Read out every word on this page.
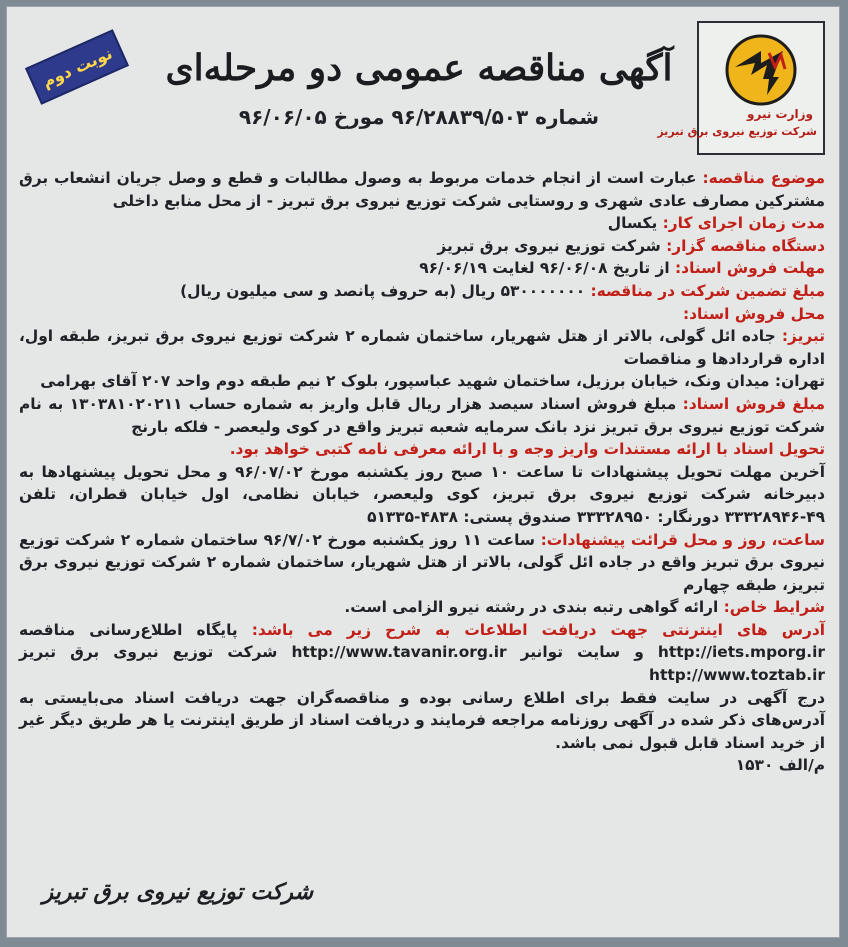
وزارت نیرو
شرکت توزیع نیروی برق تبریز
نوبت دوم	آگهی مناقصه عمومی دو مرحله‌ای
شماره ۹۶/۲۸۸۳۹/۵۰۳ مورخ ۹۶/۰۶/۰۵

موضوع مناقصه: عبارت است از انجام خدمات مربوط به وصول مطالبات و قطع و وصل جریان انشعاب برق مشترکین مصارف عادی شهری و روستایی شرکت توزیع نیروی برق تبریز - از محل منابع داخلی

مدت زمان اجرای کار: یکسال

دستگاه مناقصه گزار: شرکت توزیع نیروی برق تبریز

مهلت فروش اسناد: از تاریخ ۹۶/۰۶/۰۸ لغایت ۹۶/۰۶/۱۹

مبلغ تضمین شرکت در مناقصه: ۵۳۰۰۰۰۰۰۰ ریال (به حروف پانصد و سی میلیون ریال)

محل فروش اسناد:

تبریز: جاده ائل گولی، بالاتر از هتل شهریار، ساختمان شماره ۲ شرکت توزیع نیروی برق تبریز، طبقه اول، اداره قراردادها و مناقصات

تهران: میدان ونک، خیابان برزیل، ساختمان شهید عباسپور، بلوک ۲ نیم طبقه دوم واحد ۲۰۷ آقای بهرامی

مبلغ فروش اسناد: مبلغ فروش اسناد سیصد هزار ریال قابل واریز به شماره حساب ۱۳۰۳۸۱۰۲۰۲۱۱ به نام شرکت توزیع نیروی برق تبریز نزد بانک سرمایه شعبه تبریز واقع در کوی ولیعصر - فلکه بارنج

تحویل اسناد با ارائه مستندات واریز وجه و با ارائه معرفی نامه کتبی خواهد بود.

آخرین مهلت تحویل پیشنهادات تا ساعت ۱۰ صبح روز یکشنبه مورخ ۹۶/۰۷/۰۲ و محل تحویل پیشنهادها به دبیرخانه شرکت توزیع نیروی برق تبریز، کوی ولیعصر، خیابان نظامی، اول خیابان قطران، تلفن ۴۹-۳۳۳۲۸۹۴۶ دورنگار: ۳۳۳۲۸۹۵۰ صندوق پستی: ۴۸۳۸-۵۱۳۳۵

ساعت، روز و محل قرائت پیشنهادات: ساعت ۱۱ روز یکشنبه مورخ ۹۶/۷/۰۲ ساختمان شماره ۲ شرکت توزیع نیروی برق تبریز واقع در جاده ائل گولی، بالاتر از هتل شهریار، ساختمان شماره ۲ شرکت توزیع نیروی برق تبریز، طبقه چهارم

شرایط خاص: ارائه گواهی رتبه بندی در رشته نیرو الزامی است.

آدرس های اینترنتی جهت دریافت اطلاعات به شرح زیر می باشد: پایگاه اطلاع‌رسانی مناقصه http://iets.mporg.ir و سایت توانیر http://www.tavanir.org.ir شرکت توزیع نیروی برق تبریز http://www.toztab.ir

درج آگهی در سایت فقط برای اطلاع رسانی بوده و مناقصه‌گران جهت دریافت اسناد می‌بایستی به آدرس‌های ذکر شده در آگهی روزنامه مراجعه فرمایند و دریافت اسناد از طریق اینترنت یا هر طریق دیگر غیر از خرید اسناد قابل قبول نمی باشد.

م/الف ۱۵۳۰

شرکت توزیع نیروی برق تبریز
